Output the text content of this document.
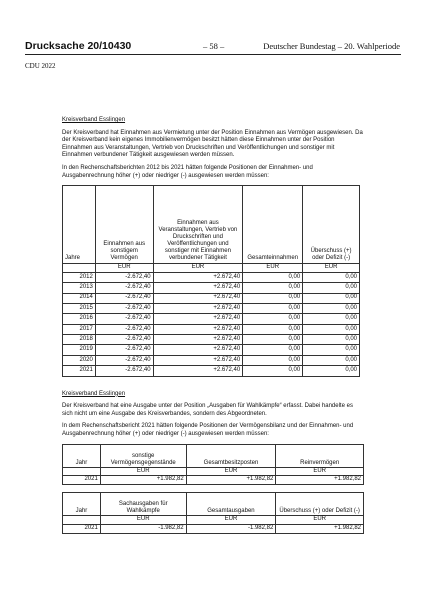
Drucksache 20/10430	– 58 –	Deutscher Bundestag – 20. Wahlperiode
CDU 2022

Kreisverband Esslingen

Der Kreisverband hat Einnahmen aus Vermietung unter der Position Einnahmen aus Vermögen ausgewiesen. Da der Kreisverband kein eigenes Immobilienvermögen besitzt hätten diese Einnahmen unter der Position Einnahmen aus Veranstaltungen, Vertrieb von Druckschriften und Veröffentlichungen und sonstiger mit Einnahmen verbundener Tätigkeit ausgewiesen werden müssen.

In den Rechenschaftsberichten 2012 bis 2021 hätten folgende Positionen der Einnahmen- und Ausgabenrechnung höher (+) oder niedriger (-) ausgewiesen werden müssen:

Jahre	Einnahmen aus sonstigem Vermögen	Einnahmen aus Veranstaltungen, Vertrieb von Druckschriften und Veröffentlichungen und sonstiger mit Einnahmen verbundener Tätigkeit	Gesamteinnahmen	Überschuss (+) oder Defizit (-)
	EUR	EUR	EUR	EUR
2012	-2.672,40	+2.672,40	0,00	0,00
2013	-2.672,40	+2.672,40	0,00	0,00
2014	-2.672,40	+2.672,40	0,00	0,00
2015	-2.672,40	+2.672,40	0,00	0,00
2016	-2.672,40	+2.672,40	0,00	0,00
2017	-2.672,40	+2.672,40	0,00	0,00
2018	-2.672,40	+2.672,40	0,00	0,00
2019	-2.672,40	+2.672,40	0,00	0,00
2020	-2.672,40	+2.672,40	0,00	0,00
2021	-2.672,40	+2.672,40	0,00	0,00

Kreisverband Esslingen

Der Kreisverband hat eine Ausgabe unter der Position „Ausgaben für Wahlkämpfe“ erfasst. Dabei handelte es sich nicht um eine Ausgabe des Kreisverbandes, sondern des Abgeordneten.

In dem Rechenschaftsbericht 2021 hätten folgende Positionen der Vermögensbilanz und der Einnahmen- und Ausgabenrechnung höher (+) oder niedriger (-) ausgewiesen werden müssen:

Jahr	sonstige Vermögensgegenstände	Gesamtbesitzposten	Reinvermögen
	EUR	EUR	EUR
2021	+1.982,82	+1.982,82	+1.982,82
Jahr	Sachausgaben für Wahlkämpfe	Gesamtausgaben	Überschuss (+) oder Defizit (-)
	EUR	EUR	EUR
2021	-1.982,82	-1.982,82	+1.982,82
